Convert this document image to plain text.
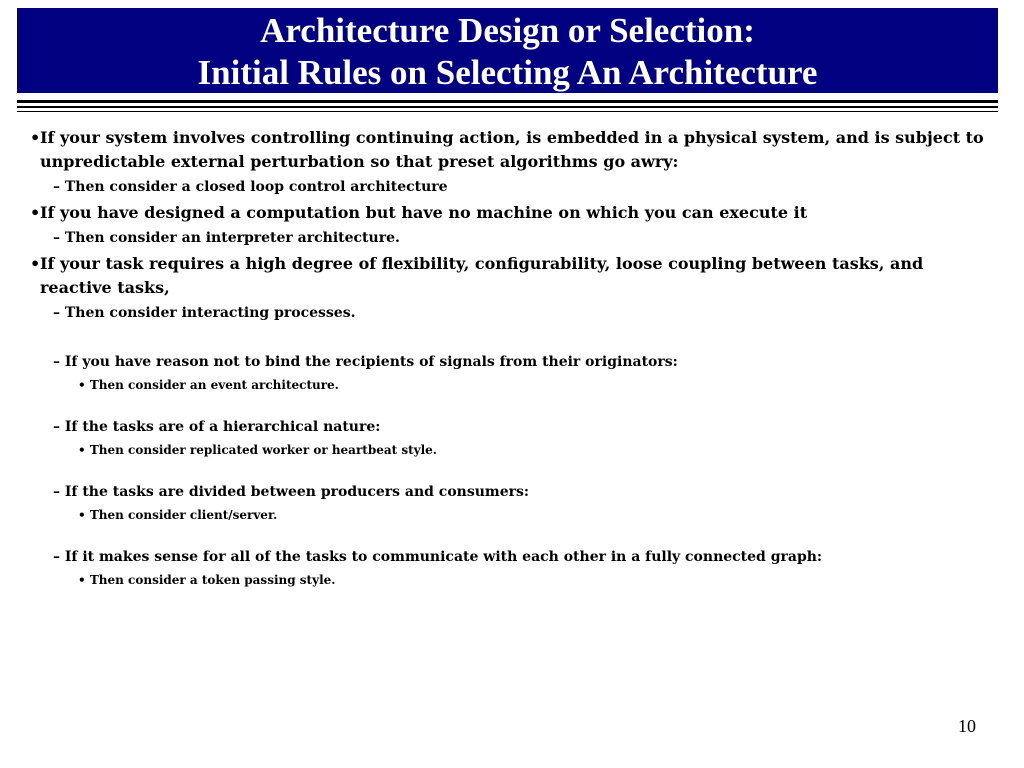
Architecture Design or Selection:
Initial Rules on Selecting An Architecture
• If your system involves controlling continuing action, is embedded in a physical system, and is subject to unpredictable external perturbation so that preset algorithms go awry:
– Then consider a closed loop control architecture
• If you have designed a computation but have no machine on which you can execute it
– Then consider an interpreter architecture.
• If your task requires a high degree of flexibility, configurability, loose coupling between tasks, and reactive tasks,
– Then consider interacting processes.
– If you have reason not to bind the recipients of signals from their originators:
• Then consider an event architecture.
– If the tasks are of a hierarchical nature:
• Then consider replicated worker or heartbeat style.
– If the tasks are divided between producers and consumers:
• Then consider client/server.
– If it makes sense for all of the tasks to communicate with each other in a fully connected graph:
• Then consider a token passing style.
10
